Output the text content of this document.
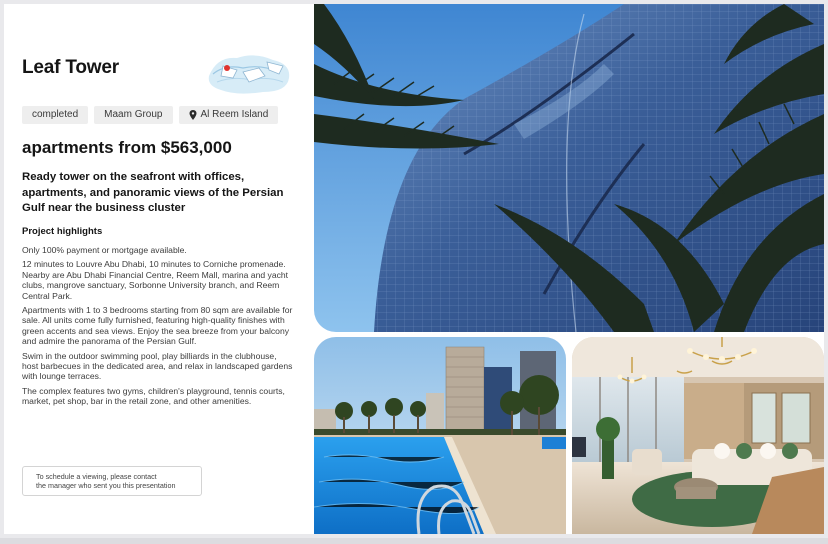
Leaf Tower
completed	Maam Group	Al Reem Island
apartments from $563,000
Ready tower on the seafront with offices, apartments, and panoramic views of the Persian Gulf near the business cluster
Project highlights

Only 100% payment or mortgage available.

12 minutes to Louvre Abu Dhabi, 10 minutes to Corniche promenade. Nearby are Abu Dhabi Financial Centre, Reem Mall, marina and yacht clubs, mangrove sanctuary, Sorbonne University branch, and Reem Central Park.

Apartments with 1 to 3 bedrooms starting from 80 sqm are available for sale. All units come fully furnished, featuring high-quality finishes with green accents and sea views. Enjoy the sea breeze from your balcony and admire the panorama of the Persian Gulf.

Swim in the outdoor swimming pool, play billiards in the clubhouse, host barbecues in the dedicated area, and relax in landscaped gardens with lounge terraces.

The complex features two gyms, children's playground, tennis courts, market, pet shop, bar in the retail zone, and other amenities.

To schedule a viewing, please contact
the manager who sent you this presentation
